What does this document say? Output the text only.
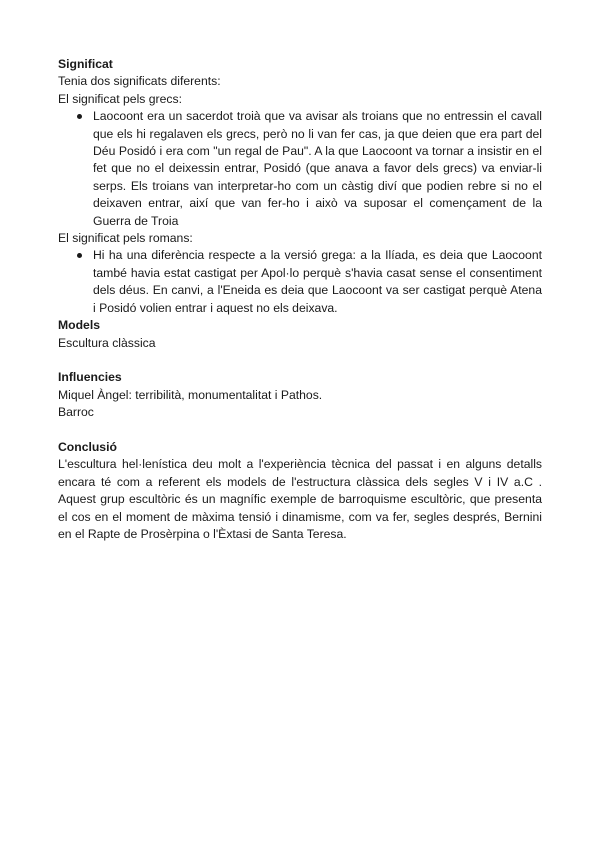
Significat

Tenia dos significats diferents:

El significat pels grecs:

Laocoont era un sacerdot troià que va avisar als troians que no entressin el cavall que els hi regalaven els grecs, però no li van fer cas, ja que deien que era part del Déu Posidó i era com "un regal de Pau". A la que Laocoont va tornar a insistir en el fet que no el deixessin entrar, Posidó (que anava a favor dels grecs) va enviar-li serps. Els troians van interpretar-ho com un càstig diví que podien rebre si no el deixaven entrar, així que van fer-ho i això va suposar el començament de la Guerra de Troia

El significat pels romans:

Hi ha una diferència respecte a la versió grega: a la Ilíada, es deia que Laocoont també havia estat castigat per Apol·lo perquè s'havia casat sense el consentiment dels déus. En canvi, a l'Eneida es deia que Laocoont va ser castigat perquè Atena i Posidó volien entrar i aquest no els deixava.

Models

Escultura clàssica

Influencies

Miquel Àngel: terribilità, monumentalitat i Pathos.

Barroc

Conclusió

L'escultura hel·lenística deu molt a l'experiència tècnica del passat i en alguns detalls encara té com a referent els models de l'estructura clàssica dels segles V i IV a.C . Aquest grup escultòric és un magnífic exemple de barroquisme escultòric, que presenta el cos en el moment de màxima tensió i dinamisme, com va fer, segles després, Bernini en el Rapte de Prosèrpina o l'Èxtasi de Santa Teresa.
